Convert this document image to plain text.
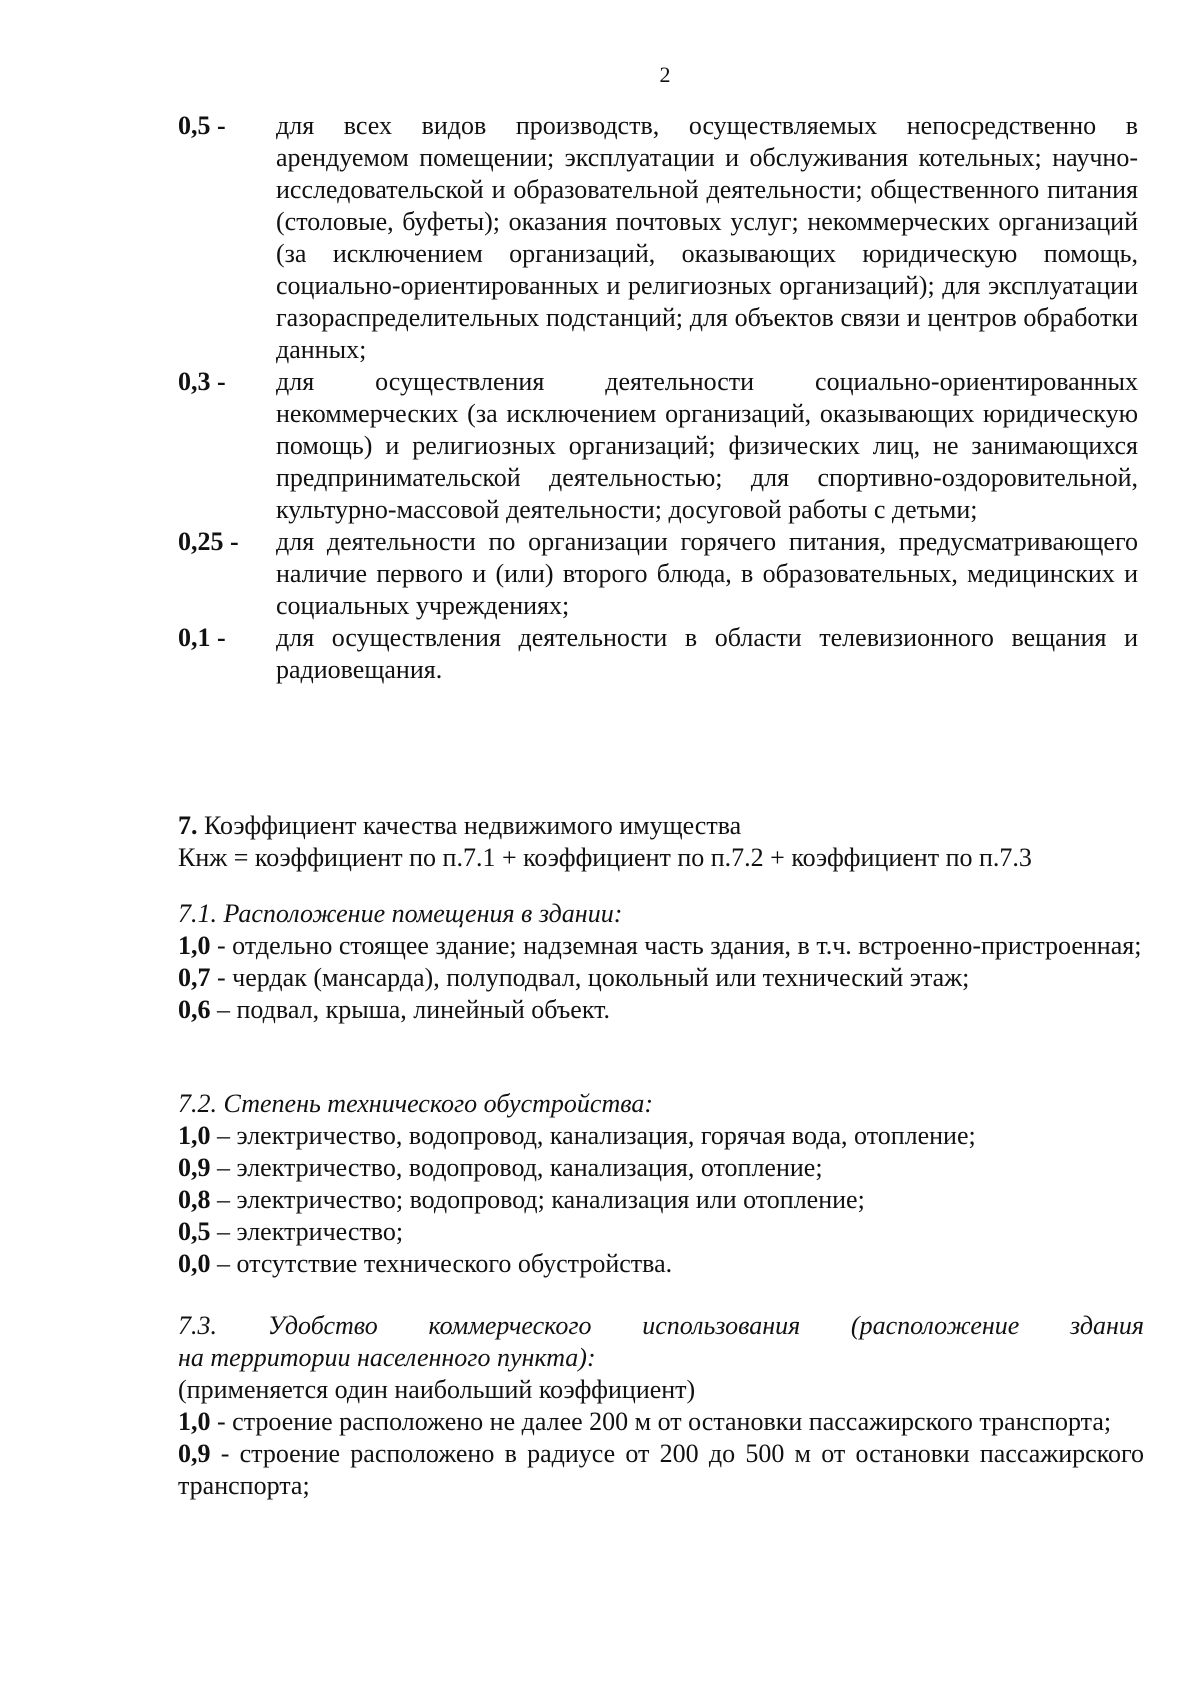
2
0,5 -	для всех видов производств, осуществляемых непосредственно в арендуемом помещении; эксплуатации и обслуживания котельных; научно-исследовательской и образовательной деятельности; общественного питания (столовые, буфеты); оказания почтовых услуг; некоммерческих организаций (за исключением организаций, оказывающих юридическую помощь, социально-ориентированных и религиозных организаций); для эксплуатации газораспределительных подстанций; для объектов связи и центров обработки данных;
0,3 -	для осуществления деятельности социально-ориентированных некоммерческих (за исключением организаций, оказывающих юридическую помощь) и религиозных организаций; физических лиц, не занимающихся предпринимательской деятельностью; для спортивно-оздоровительной, культурно-массовой деятельности; досуговой работы с детьми;
0,25 -	для деятельности по организации горячего питания, предусматривающего наличие первого и (или) второго блюда, в образовательных, медицинских и социальных учреждениях;
0,1 -	для осуществления деятельности в области телевизионного вещания и радиовещания.
7. Коэффициент качества недвижимого имущества
Кнж = коэффициент по п.7.1 + коэффициент по п.7.2 + коэффициент по п.7.3
7.1. Расположение помещения в здании:
1,0 - отдельно стоящее здание; надземная часть здания, в т.ч. встроенно-пристроенная;
0,7 - чердак (мансарда), полуподвал, цокольный или технический этаж;
0,6 – подвал, крыша, линейный объект.
7.2. Степень технического обустройства:
1,0 – электричество, водопровод, канализация, горячая вода, отопление;
0,9 – электричество, водопровод, канализация, отопление;
0,8 – электричество; водопровод; канализация или отопление;
0,5 – электричество;
0,0 – отсутствие технического обустройства.
7.3. Удобство коммерческого использования (расположение здания
на территории населенного пункта):
(применяется один наибольший коэффициент)
1,0 - строение расположено не далее 200 м от остановки пассажирского транспорта;
0,9 - строение расположено в радиусе от 200 до 500 м от остановки пассажирского транспорта;
